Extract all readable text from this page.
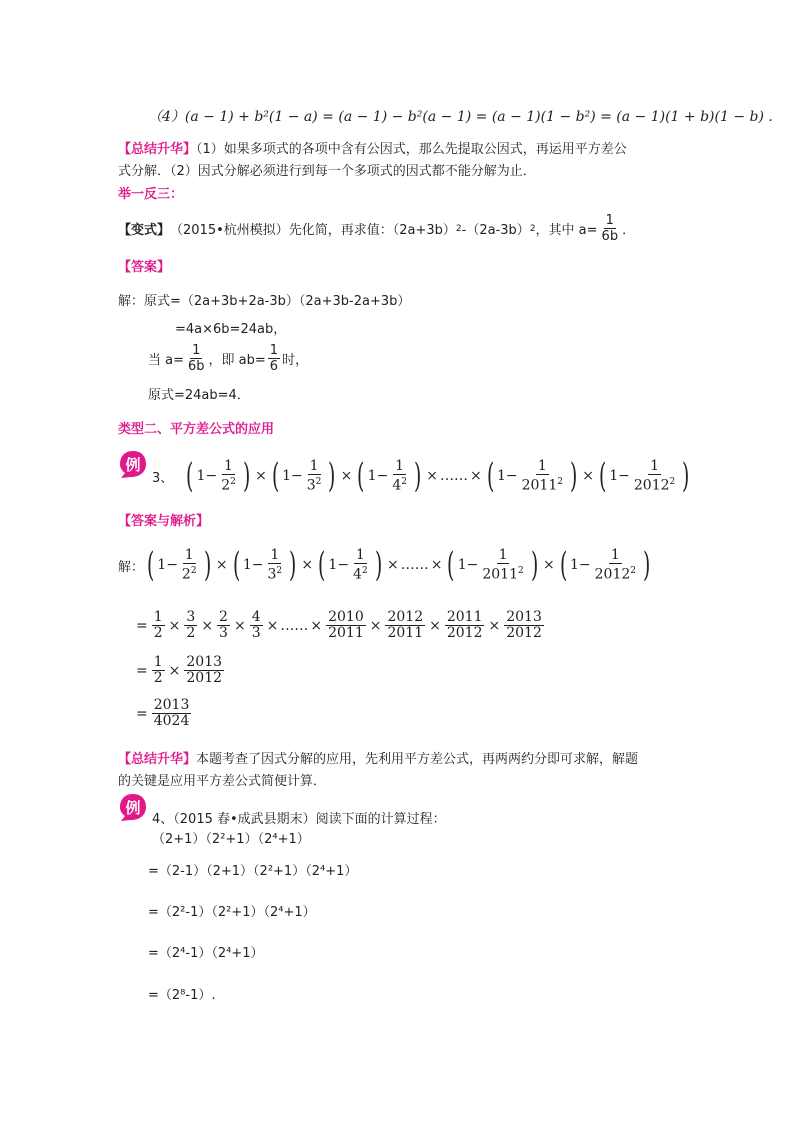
（4）(a − 1) + b²(1 − a) = (a − 1) − b²(a − 1) = (a − 1)(1 − b²) = (a − 1)(1 + b)(1 − b) .
【总结升华】（1）如果多项式的各项中含有公因式，那么先提取公因式，再运用平方差公
式分解．（2）因式分解必须进行到每一个多项式的因式都不能分解为止．
举一反三：
【变式】 （2015•杭州模拟）先化简，再求值：（2a+3b） 2 -（2a-3b） 2 ，其中 $a= \frac{1}{6b}$ ．
【答案】
解：原式=（2a+3b+2a-3b）（2a+3b-2a+3b）
=4a×6b=24ab，
当 $a= \frac{1}{6b}$ ，即 $ab= \frac{1}{6}$ 时，
原式=24ab=4．
类型二、平方差公式的应用
例
3、 ( $1- \frac{1}{2^2}$ ) × ( $1- \frac{1}{3^2}$ ) × ( $1- \frac{1}{4^2}$ ) × …… × ( $1- \frac{1}{2011^2}$ ) × ( $1- \frac{1}{2012^2}$ )
【答案与解析】
解： ( $1- \frac{1}{2^2}$ ) × ( $1- \frac{1}{3^2}$ ) × ( $1- \frac{1}{4^2}$ ) × …… × ( $1- \frac{1}{2011^2}$ ) × ( $1- \frac{1}{2012^2}$ )
= $\frac{1}{2} \times \frac{3}{2} \times \frac{2}{3} \times \frac{4}{3}$ × …… × $\frac{2010}{2011} \times \frac{2012}{2011} \times \frac{2011}{2012} \times \frac{2013}{2012}$
= $\frac{1}{2} \times \frac{2013}{2012}$
= $\frac{2013}{4024}$
【总结升华】本题考查了因式分解的应用，先利用平方差公式，再两两约分即可求解，解题
的关键是应用平方差公式简便计算．
例
4、（2015 春•成武县期末）阅读下面的计算过程：
（2+1）（2²+1）（2⁴+1）
=（2-1）（2+1）（2²+1）（2⁴+1）
=（2²-1）（2²+1）（2⁴+1）
=（2⁴-1）（2⁴+1）
=（2⁸-1）.
